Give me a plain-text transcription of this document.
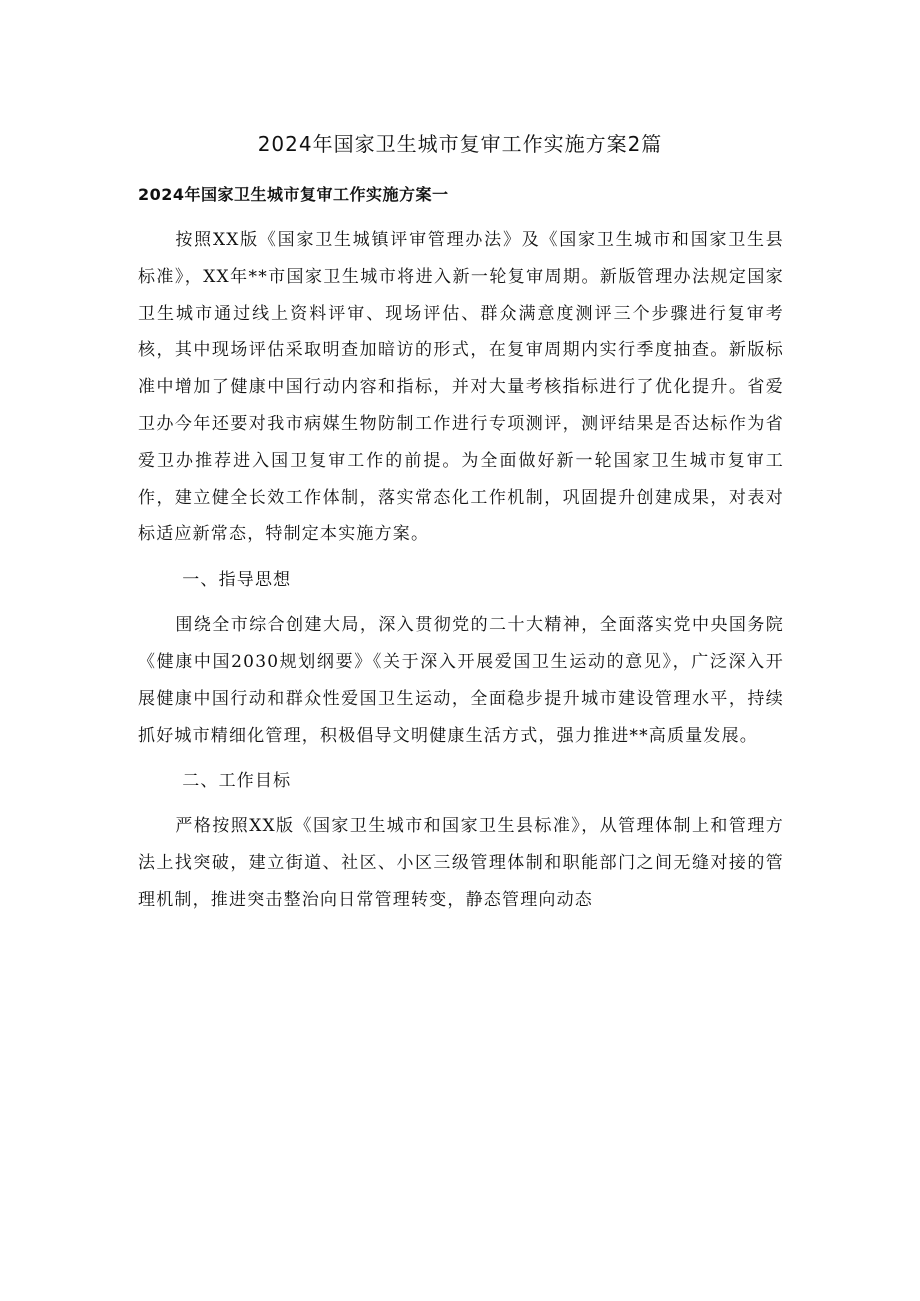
2024年国家卫生城市复审工作实施方案2篇
2024年国家卫生城市复审工作实施方案一

按照XX版《国家卫生城镇评审管理办法》及《国家卫生城市和国家卫生县标准》，XX年**市国家卫生城市将进入新一轮复审周期。新版管理办法规定国家卫生城市通过线上资料评审、现场评估、群众满意度测评三个步骤进行复审考核，其中现场评估采取明查加暗访的形式，在复审周期内实行季度抽查。新版标准中增加了健康中国行动内容和指标，并对大量考核指标进行了优化提升。省爱卫办今年还要对我市病媒生物防制工作进行专项测评，测评结果是否达标作为省爱卫办推荐进入国卫复审工作的前提。为全面做好新一轮国家卫生城市复审工作，建立健全长效工作体制，落实常态化工作机制，巩固提升创建成果，对表对标适应新常态，特制定本实施方案。

一、指导思想

围绕全市综合创建大局，深入贯彻党的二十大精神，全面落实党中央国务院《健康中国2030规划纲要》《关于深入开展爱国卫生运动的意见》，广泛深入开展健康中国行动和群众性爱国卫生运动，全面稳步提升城市建设管理水平，持续抓好城市精细化管理，积极倡导文明健康生活方式，强力推进**高质量发展。

二、工作目标

严格按照XX版《国家卫生城市和国家卫生县标准》，从管理体制上和管理方法上找突破，建立街道、社区、小区三级管理体制和职能部门之间无缝对接的管理机制，推进突击整治向日常管理转变，静态管理向动态
